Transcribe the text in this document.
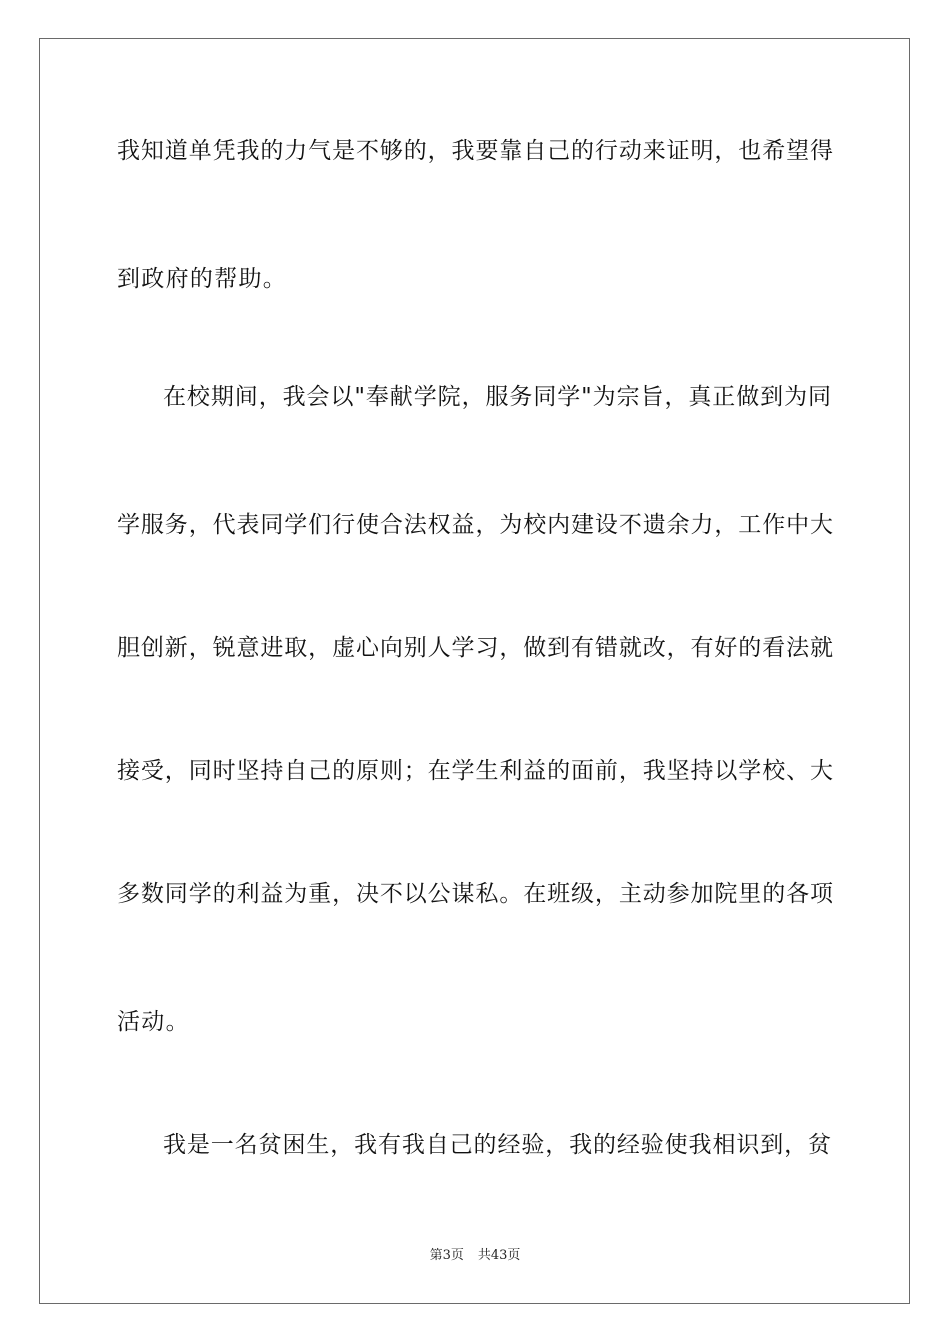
我知道单凭我的力气是不够的，我要靠自己的行动来证明，也希望得
到政府的帮助。
在校期间，我会以"奉献学院，服务同学"为宗旨，真正做到为同
学服务，代表同学们行使合法权益，为校内建设不遗余力，工作中大
胆创新，锐意进取，虚心向别人学习，做到有错就改，有好的看法就
接受，同时坚持自己的原则；在学生利益的面前，我坚持以学校、大
多数同学的利益为重，决不以公谋私。在班级，主动参加院里的各项
活动。
我是一名贫困生，我有我自己的经验，我的经验使我相识到，贫
第3页 共43页
